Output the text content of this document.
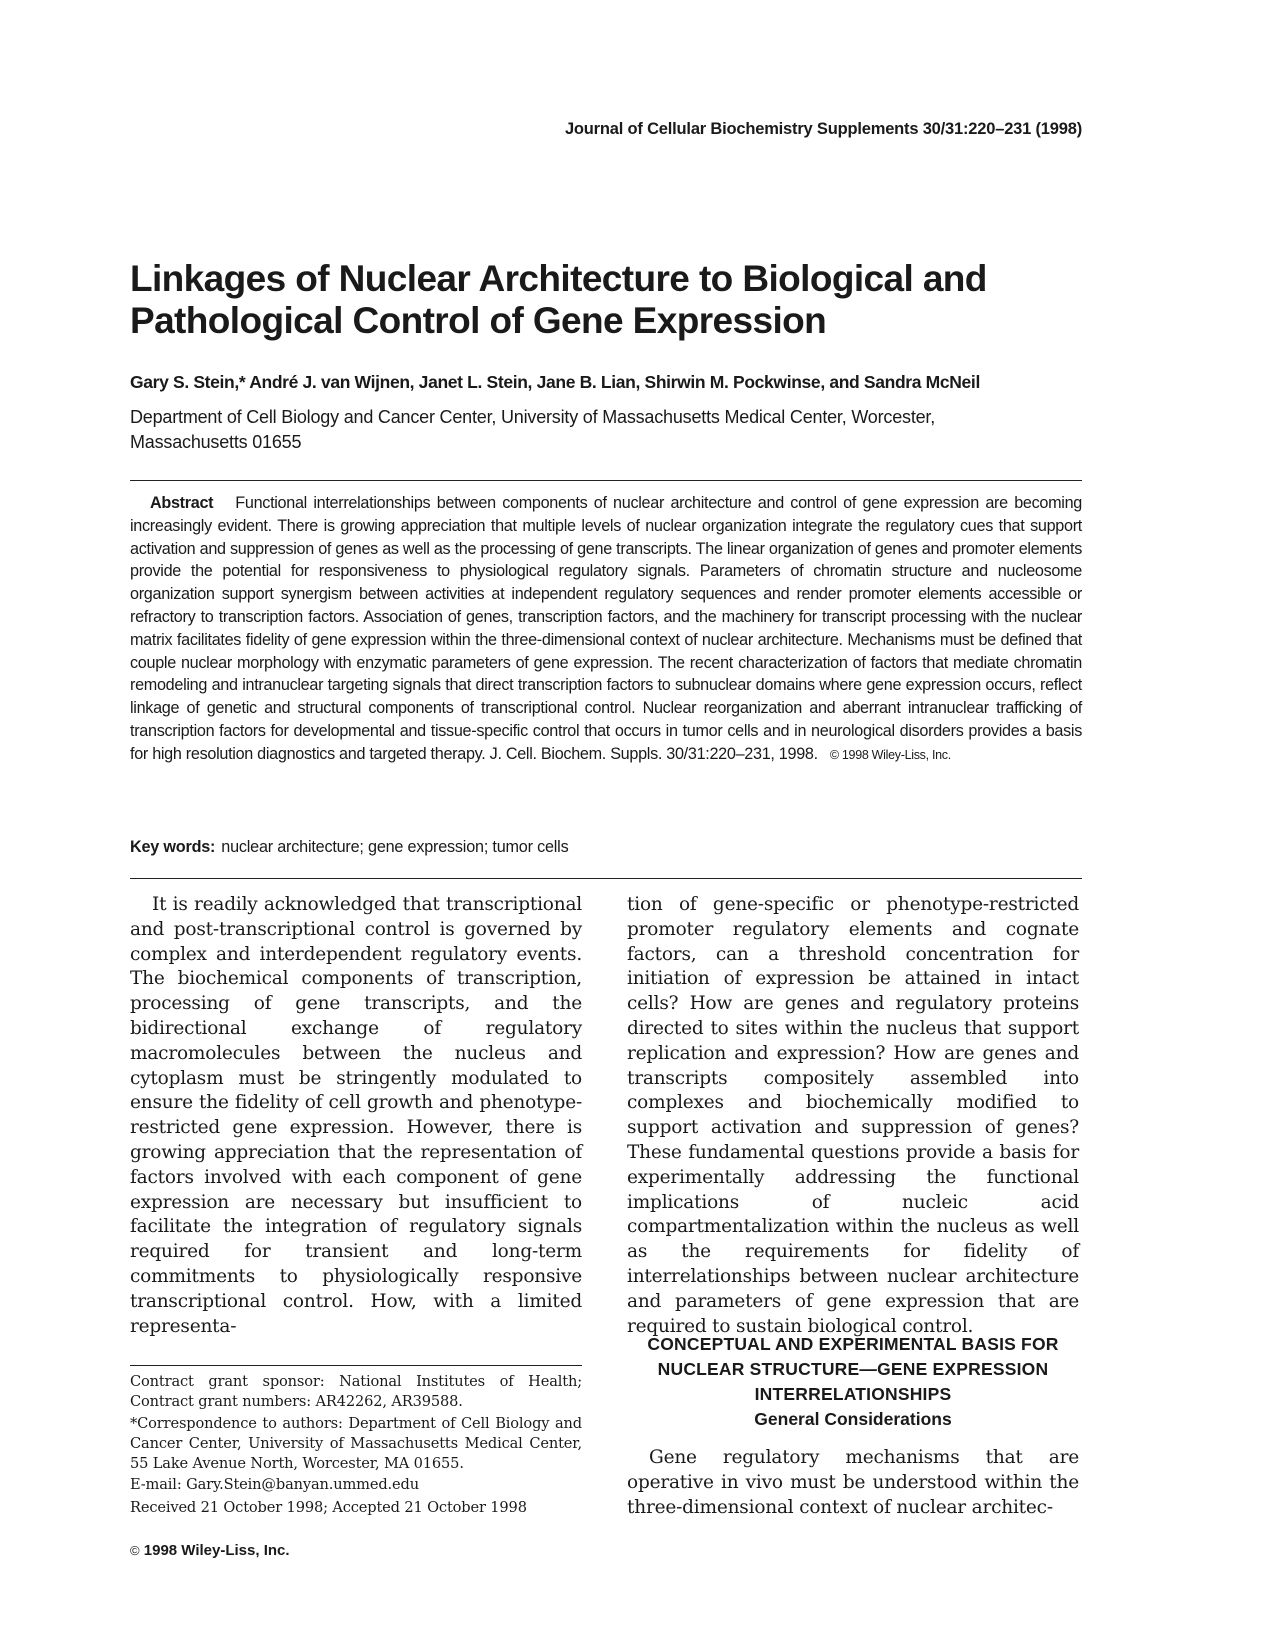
Journal of Cellular Biochemistry Supplements 30/31:220–231 (1998)
Linkages of Nuclear Architecture to Biological and Pathological Control of Gene Expression
Gary S. Stein,* André J. van Wijnen, Janet L. Stein, Jane B. Lian, Shirwin M. Pockwinse, and Sandra McNeil
Department of Cell Biology and Cancer Center, University of Massachusetts Medical Center, Worcester, Massachusetts 01655

Abstract Functional interrelationships between components of nuclear architecture and control of gene expression are becoming increasingly evident. There is growing appreciation that multiple levels of nuclear organization integrate the regulatory cues that support activation and suppression of genes as well as the processing of gene transcripts. The linear organization of genes and promoter elements provide the potential for responsiveness to physiological regulatory signals. Parameters of chromatin structure and nucleosome organization support synergism between activities at independent regulatory sequences and render promoter elements accessible or refractory to transcription factors. Association of genes, transcription factors, and the machinery for transcript processing with the nuclear matrix facilitates fidelity of gene expression within the three-dimensional context of nuclear architecture. Mechanisms must be defined that couple nuclear morphology with enzymatic parameters of gene expression. The recent characterization of factors that mediate chromatin remodeling and intranuclear targeting signals that direct transcription factors to subnuclear domains where gene expression occurs, reflect linkage of genetic and structural components of transcriptional control. Nuclear reorganization and aberrant intranuclear trafficking of transcription factors for developmental and tissue-specific control that occurs in tumor cells and in neurological disorders provides a basis for high resolution diagnostics and targeted therapy. J. Cell. Biochem. Suppls. 30/31:220–231, 1998. © 1998 Wiley-Liss, Inc.

Key words: nuclear architecture; gene expression; tumor cells

It is readily acknowledged that transcriptional and post-transcriptional control is governed by complex and interdependent regulatory events. The biochemical components of transcription, processing of gene transcripts, and the bidirectional exchange of regulatory macromolecules between the nucleus and cytoplasm must be stringently modulated to ensure the fidelity of cell growth and phenotype-restricted gene expression. However, there is growing appreciation that the representation of factors involved with each component of gene expression are necessary but insufficient to facilitate the integration of regulatory signals required for transient and long-term commitments to physiologically responsive transcriptional control. How, with a limited representa-

tion of gene-specific or phenotype-restricted promoter regulatory elements and cognate factors, can a threshold concentration for initiation of expression be attained in intact cells? How are genes and regulatory proteins directed to sites within the nucleus that support replication and expression? How are genes and transcripts compositely assembled into complexes and biochemically modified to support activation and suppression of genes? These fundamental questions provide a basis for experimentally addressing the functional implications of nucleic acid compartmentalization within the nucleus as well as the requirements for fidelity of interrelationships between nuclear architecture and parameters of gene expression that are required to sustain biological control.

Contract grant sponsor: National Institutes of Health; Contract grant numbers: AR42262, AR39588.

*Correspondence to authors: Department of Cell Biology and Cancer Center, University of Massachusetts Medical Center, 55 Lake Avenue North, Worcester, MA 01655.
E-mail: Gary.Stein@banyan.ummed.edu

Received 21 October 1998; Accepted 21 October 1998

© 1998 Wiley-Liss, Inc.
CONCEPTUAL AND EXPERIMENTAL BASIS FOR NUCLEAR STRUCTURE—GENE EXPRESSION INTERRELATIONSHIPS
General Considerations

Gene regulatory mechanisms that are operative in vivo must be understood within the three-dimensional context of nuclear architec-
